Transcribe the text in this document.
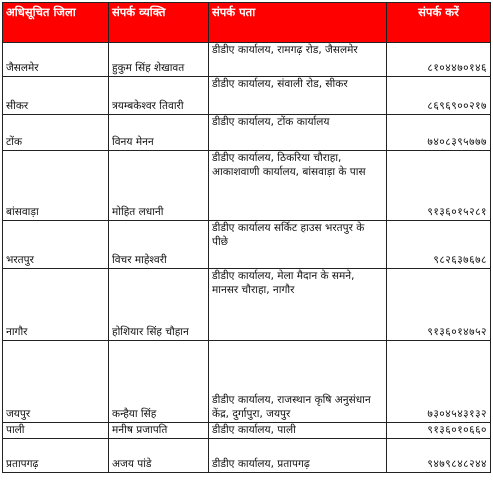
अधिसूचित जिला	संपर्क व्यक्ति	संपर्क पता	संपर्क करें
जैसलमेर	हुकुम सिंह शेखावत	डीडीए कार्यालय, रामगढ़ रोड, जैसलमेर	८१०४४७०१४६
सीकर	त्रयम्बकेश्वर तिवारी	डीडीए कार्यालय, संवाली रोड, सीकर	८६९६९००२१७
टोंक	विनय मेनन	डीडीए कार्यालय, टोंक कार्यालय	७४०८३९५७७७
बांसवाड़ा	मोहित लधानी	डीडीए कार्यालय, ठिकरिया चौराहा, आकाशवाणी कार्यालय, बांसवाड़ा के पास	९१३६०१५२८१
भरतपुर	विचर माहेश्वरी	डीडीए कार्यालय सर्किट हाउस भरतपुर के पीछे	९८२६३७६७८
नागौर	होशियार सिंह चौहान	डीडीए कार्यालय, मेला मैदान के समने, मानसर चौराहा, नागौर	९१३६०१४७५२
जयपुर	कन्हैया सिंह	डीडीए कार्यालय, राजस्थान कृषि अनुसंधान केंद्र, दुर्गापुरा, जयपुर	७३०४५४३१३२
पाली	मनीष प्रजापति	डीडीए कार्यालय, पाली	९१३६०१०६६०
प्रतापगढ़	अजय पांडे	डीडीए कार्यालय, प्रतापगढ़	९४७९८४८२४४
